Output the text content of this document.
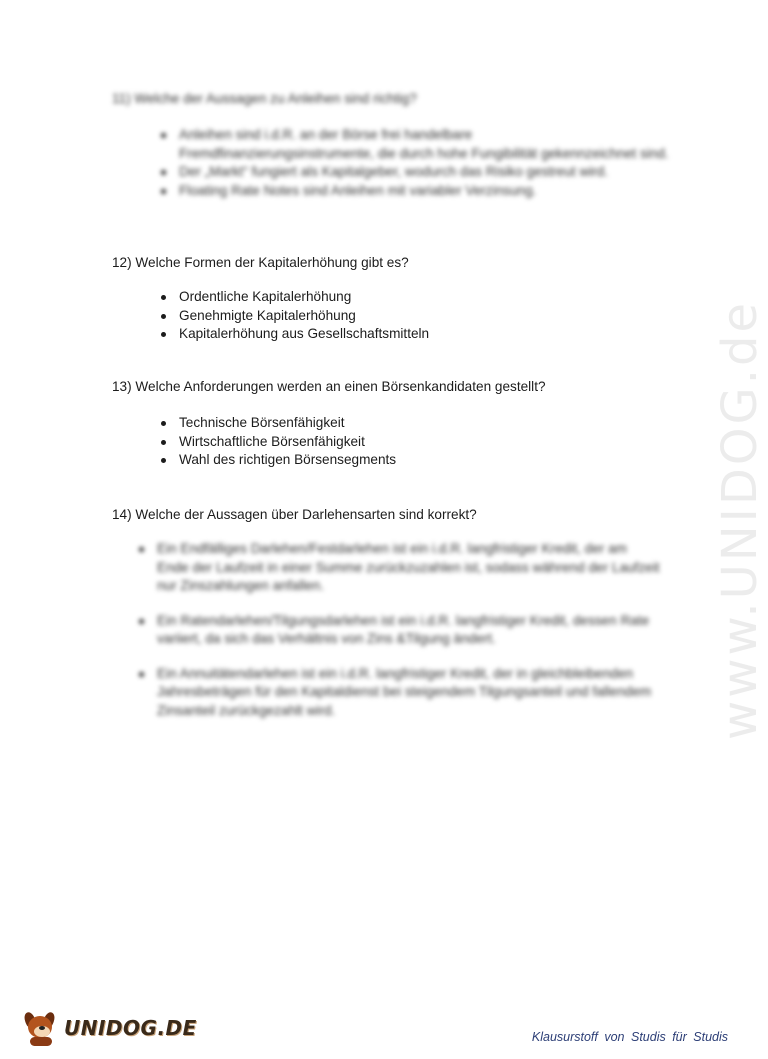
www.UNIDOG.de
11) Welche der Aussagen zu Anleihen sind richtig?
Anleihen sind i.d.R. an der Börse frei handelbare Fremdfinanzierungsinstrumente, die durch hohe Fungibilität gekennzeichnet sind.
Der „Markt“ fungiert als Kapitalgeber, wodurch das Risiko gestreut wird.
Floating Rate Notes sind Anleihen mit variabler Verzinsung.
12) Welche Formen der Kapitalerhöhung gibt es?
Ordentliche Kapitalerhöhung
Genehmigte Kapitalerhöhung
Kapitalerhöhung aus Gesellschaftsmitteln
13) Welche Anforderungen werden an einen Börsenkandidaten gestellt?
Technische Börsenfähigkeit
Wirtschaftliche Börsenfähigkeit
Wahl des richtigen Börsensegments
14) Welche der Aussagen über Darlehensarten sind korrekt?
Ein Endfälliges Darlehen/Festdarlehen ist ein i.d.R. langfristiger Kredit, der am Ende der Laufzeit in einer Summe zurückzuzahlen ist, sodass während der Laufzeit nur Zinszahlungen anfallen.
Ein Ratendarlehen/Tilgungsdarlehen ist ein i.d.R. langfristiger Kredit, dessen Rate variiert, da sich das Verhältnis von Zins &Tilgung ändert.
Ein Annuitätendarlehen ist ein i.d.R. langfristiger Kredit, der in gleichbleibenden Jahresbeträgen für den Kapitaldienst bei steigendem Tilgungsanteil und fallendem Zinsanteil zurückgezahlt wird.
UNIDOG.DE	Klausurstoff von Studis für Studis
